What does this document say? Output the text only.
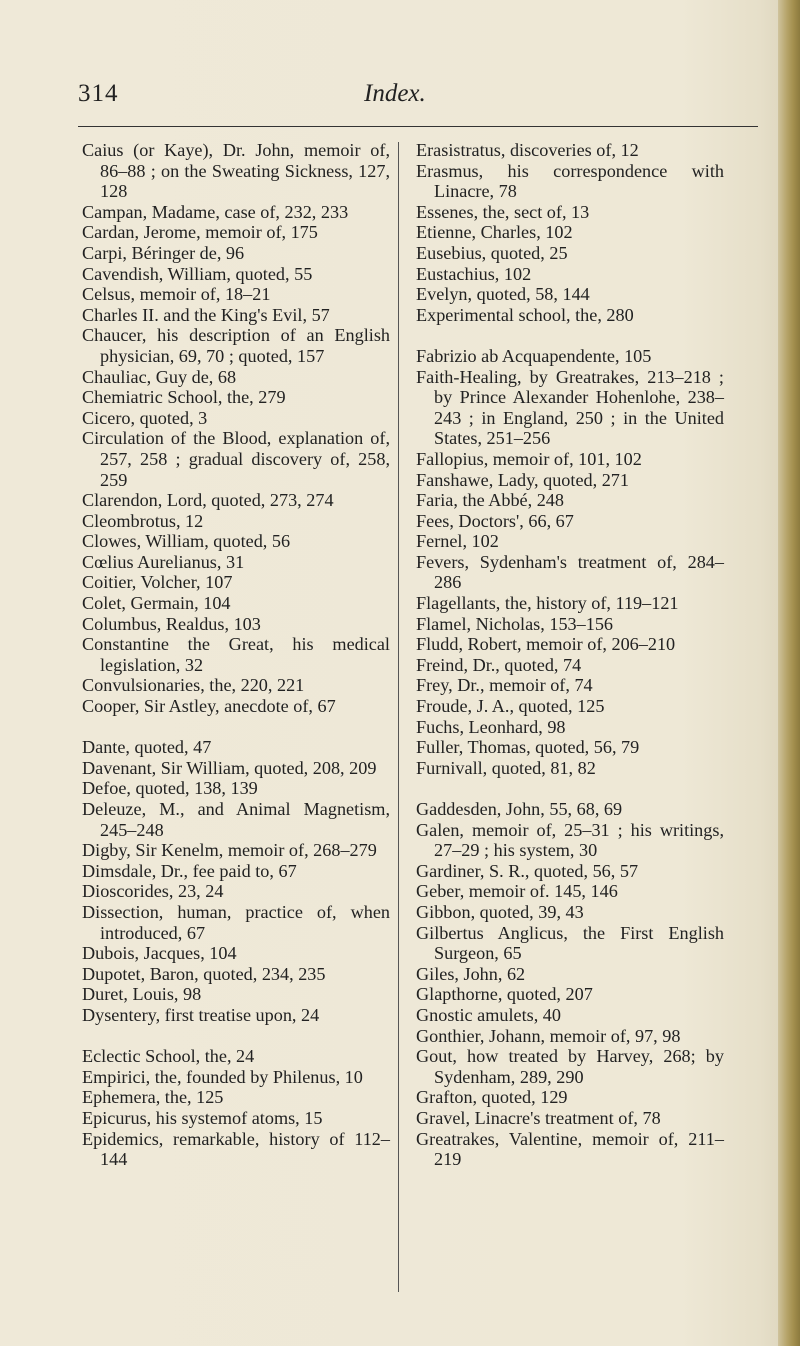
314	Index.

Caius (or Kaye), Dr. John, memoir of, 86–88 ; on the Sweating Sickness, 127, 128

Campan, Madame, case of, 232, 233

Cardan, Jerome, memoir of, 175

Carpi, Béringer de, 96

Cavendish, William, quoted, 55

Celsus, memoir of, 18–21

Charles II. and the King's Evil, 57

Chaucer, his description of an English physician, 69, 70 ; quoted, 157

Chauliac, Guy de, 68

Chemiatric School, the, 279

Cicero, quoted, 3

Circulation of the Blood, explanation of, 257, 258 ; gradual discovery of, 258, 259

Clarendon, Lord, quoted, 273, 274

Cleombrotus, 12

Clowes, William, quoted, 56

Cœlius Aurelianus, 31

Coitier, Volcher, 107

Colet, Germain, 104

Columbus, Realdus, 103

Constantine the Great, his medical legislation, 32

Convulsionaries, the, 220, 221

Cooper, Sir Astley, anecdote of, 67

Dante, quoted, 47

Davenant, Sir William, quoted, 208, 209

Defoe, quoted, 138, 139

Deleuze, M., and Animal Magnetism, 245–248

Digby, Sir Kenelm, memoir of, 268–279

Dimsdale, Dr., fee paid to, 67

Dioscorides, 23, 24

Dissection, human, practice of, when introduced, 67

Dubois, Jacques, 104

Dupotet, Baron, quoted, 234, 235

Duret, Louis, 98

Dysentery, first treatise upon, 24

Eclectic School, the, 24

Empirici, the, founded by Philenus, 10

Ephemera, the, 125

Epicurus, his systemof atoms, 15

Epidemics, remarkable, history of 112–144

Erasistratus, discoveries of, 12

Erasmus, his correspondence with Linacre, 78

Essenes, the, sect of, 13

Etienne, Charles, 102

Eusebius, quoted, 25

Eustachius, 102

Evelyn, quoted, 58, 144

Experimental school, the, 280

Fabrizio ab Acquapendente, 105

Faith-Healing, by Greatrakes, 213–218 ; by Prince Alexander Hohenlohe, 238–243 ; in England, 250 ; in the United States, 251–256

Fallopius, memoir of, 101, 102

Fanshawe, Lady, quoted, 271

Faria, the Abbé, 248

Fees, Doctors', 66, 67

Fernel, 102

Fevers, Sydenham's treatment of, 284–286

Flagellants, the, history of, 119–121

Flamel, Nicholas, 153–156

Fludd, Robert, memoir of, 206–210

Freind, Dr., quoted, 74

Frey, Dr., memoir of, 74

Froude, J. A., quoted, 125

Fuchs, Leonhard, 98

Fuller, Thomas, quoted, 56, 79

Furnivall, quoted, 81, 82

Gaddesden, John, 55, 68, 69

Galen, memoir of, 25–31 ; his writings, 27–29 ; his system, 30

Gardiner, S. R., quoted, 56, 57

Geber, memoir of. 145, 146

Gibbon, quoted, 39, 43

Gilbertus Anglicus, the First English Surgeon, 65

Giles, John, 62

Glapthorne, quoted, 207

Gnostic amulets, 40

Gonthier, Johann, memoir of, 97, 98

Gout, how treated by Harvey, 268; by Sydenham, 289, 290

Grafton, quoted, 129

Gravel, Linacre's treatment of, 78

Greatrakes, Valentine, memoir of, 211–219
